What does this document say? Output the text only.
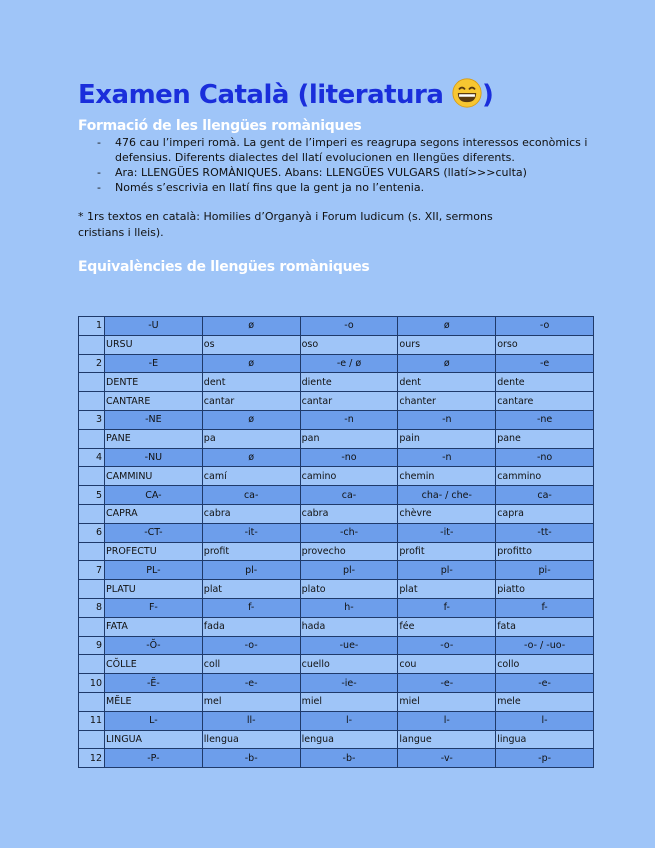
Examen Català (literatura )
Formació de les llengües romàniques
- 476 cau l’imperi romà. La gent de l’imperi es reagrupa segons interessos econòmics i defensius. Diferents dialectes del llatí evolucionen en llengües diferents.
- Ara: LLENGÜES ROMÀNIQUES. Abans: LLENGÜES VULGARS (llatí>>>culta)
- Només s’escrivia en llatí fins que la gent ja no l’entenia.
* 1rs textos en català: Homilies d’Organyà i Forum Iudicum (s. XII, sermons cristians i lleis).
Equivalències de llengües romàniques
1	-U	ø	-o	ø	-o
	URSU	os	oso	ours	orso
2	-E	ø	-e / ø	ø	-e
	DENTE	dent	diente	dent	dente
	CANTARE	cantar	cantar	chanter	cantare
3	-NE	ø	-n	-n	-ne
	PANE	pa	pan	pain	pane
4	-NU	ø	-no	-n	-no
	CAMMINU	camí	camino	chemin	cammino
5	CA-	ca-	ca-	cha- / che-	ca-
	CAPRA	cabra	cabra	chèvre	capra
6	-CT-	-it-	-ch-	-it-	-tt-
	PROFECTU	profit	provecho	profit	profitto
7	PL-	pl-	pl-	pl-	pi-
	PLATU	plat	plato	plat	piatto
8	F-	f-	h-	f-	f-
	FATA	fada	hada	fée	fata
9	-Ŏ-	-o-	-ue-	-o-	-o- / -uo-
	CŎLLE	coll	cuello	cou	collo
10	-Ĕ-	-e-	-ie-	-e-	-e-
	MĔLE	mel	miel	miel	mele
11	L-	ll-	l-	l-	l-
	LINGUA	llengua	lengua	langue	lingua
12	-P-	-b-	-b-	-v-	-p-
